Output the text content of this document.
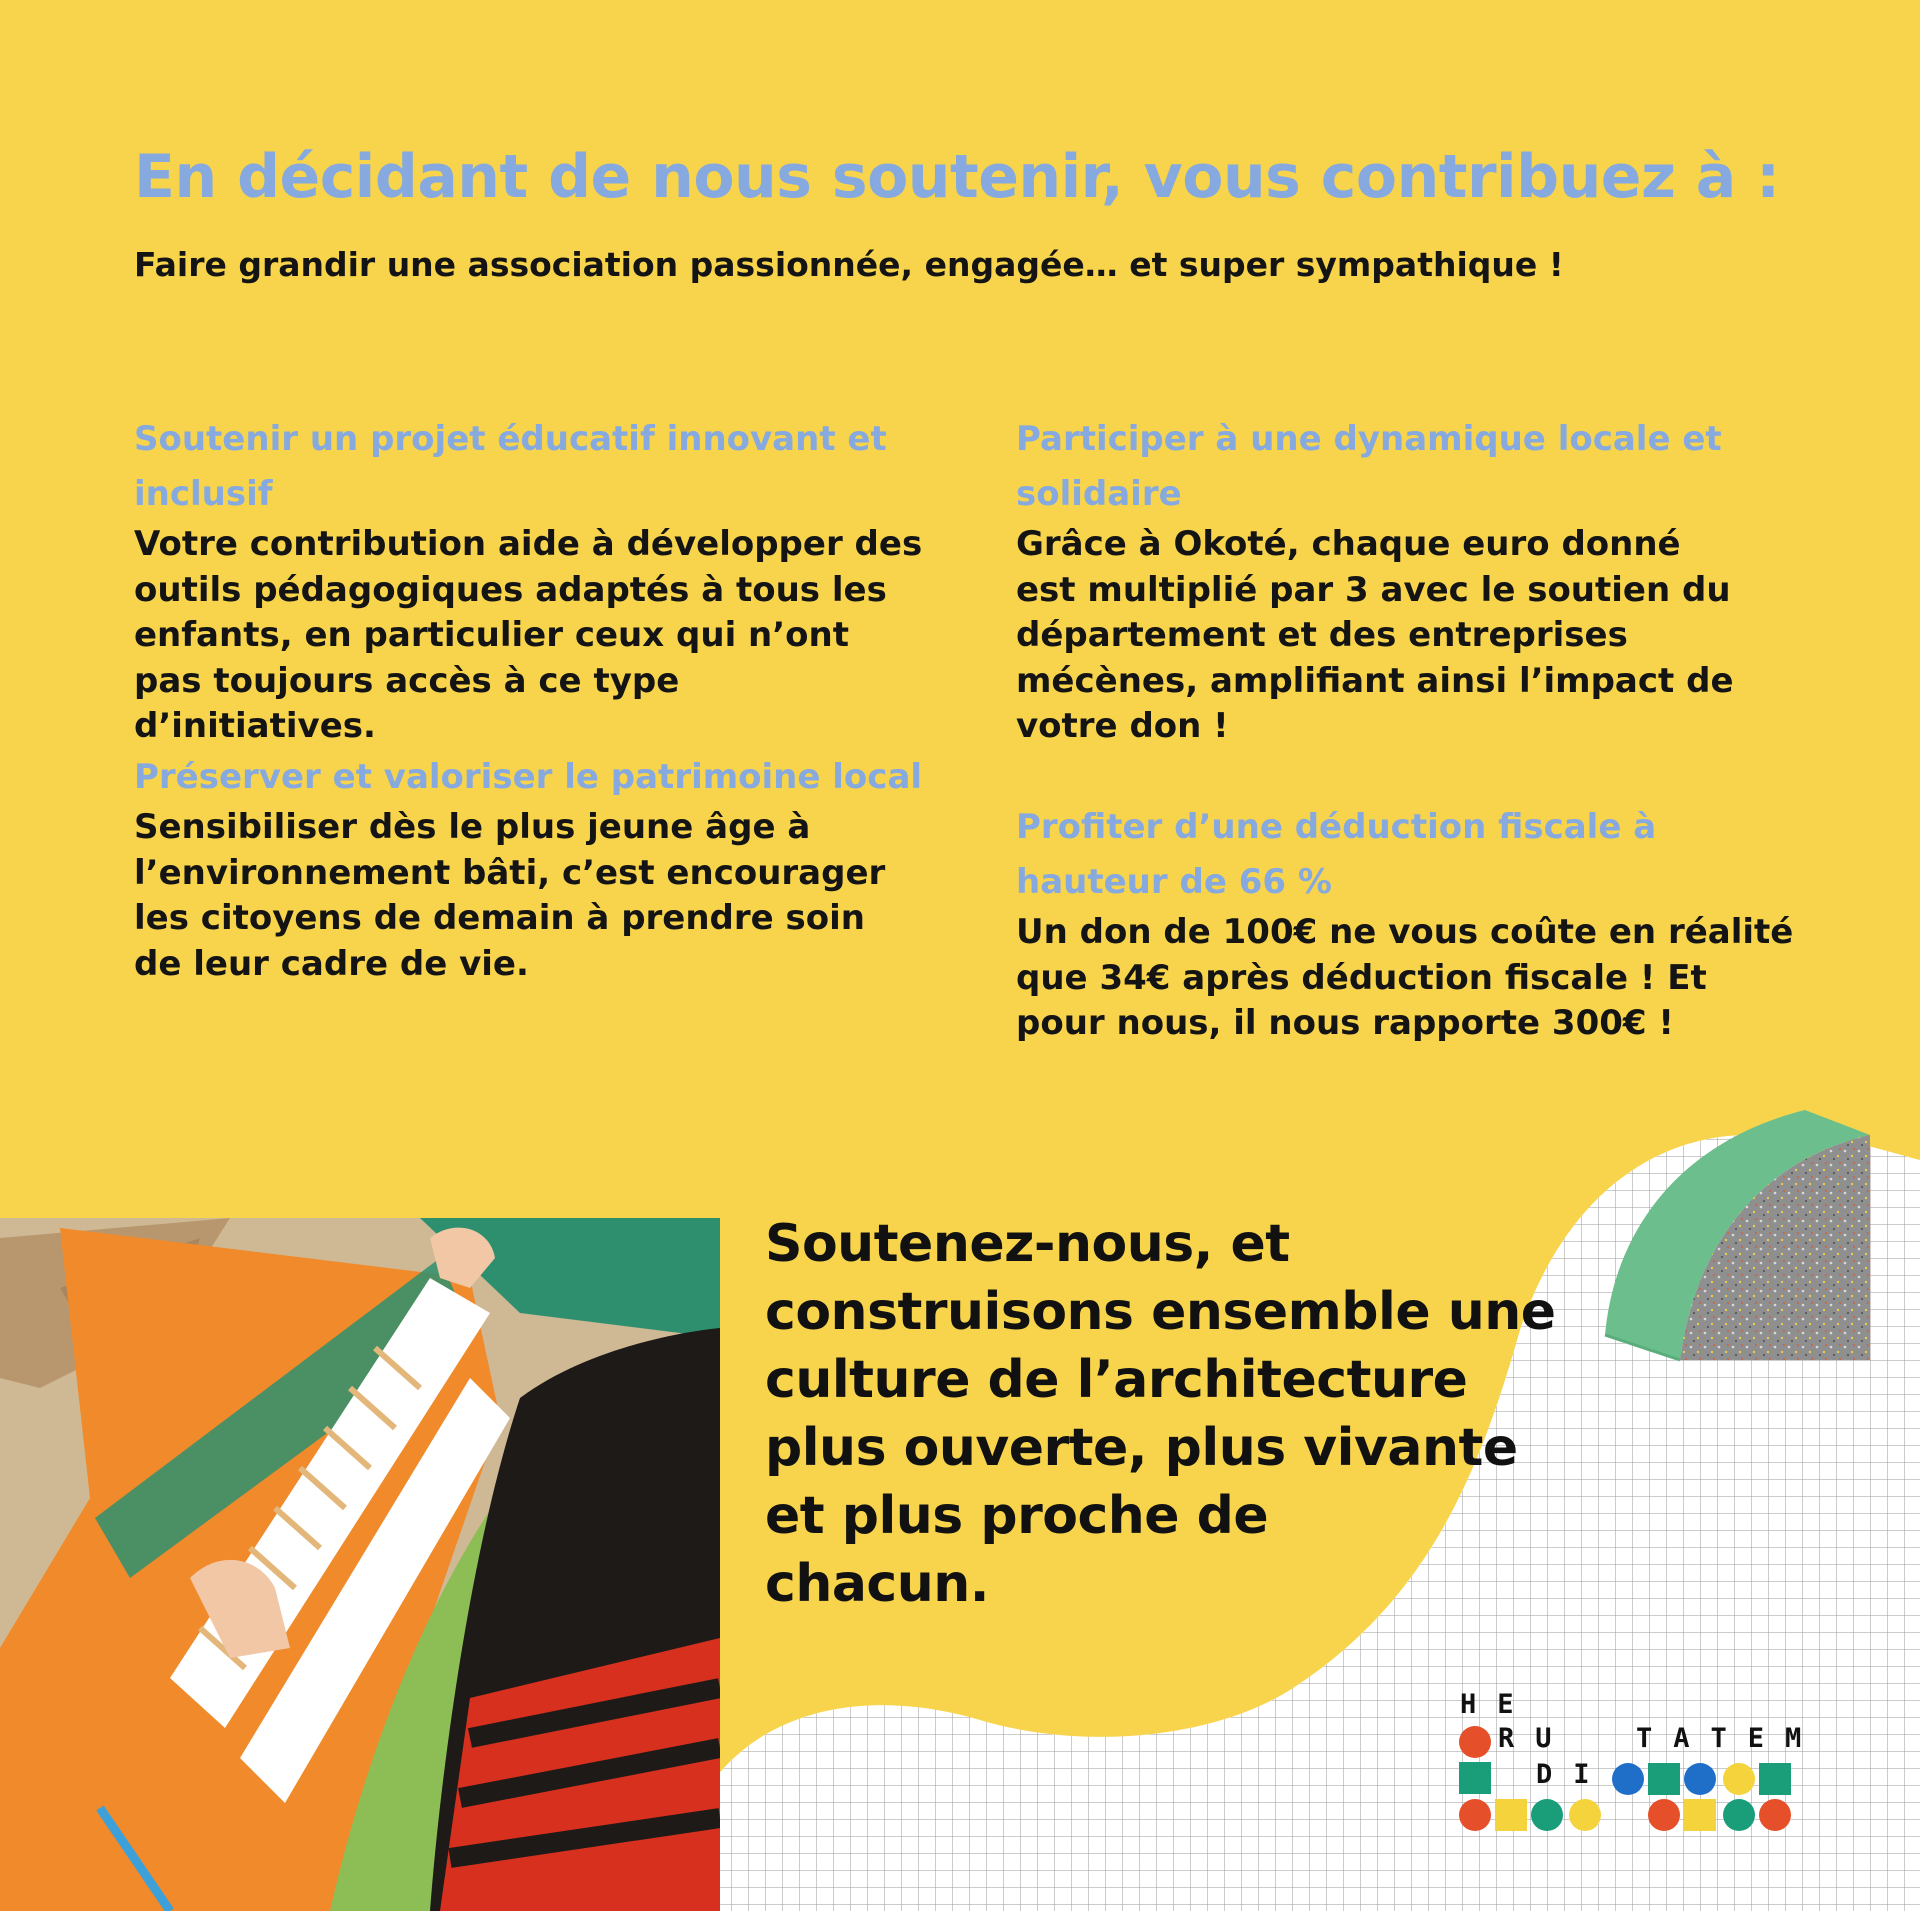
En décidant de nous soutenir, vous contribuez à :

Faire grandir une association passionnée, engagée… et super sympathique !

Soutenir un projet éducatif innovant et inclusif

Votre contribution aide à développer des outils pédagogiques adaptés à tous les enfants, en particulier ceux qui n’ont pas toujours accès à ce type d’initiatives.

Préserver et valoriser le patrimoine local

Sensibiliser dès le plus jeune âge à l’environnement bâti, c’est encourager les citoyens de demain à prendre soin de leur cadre de vie.

Participer à une dynamique locale et solidaire

Grâce à Okoté, chaque euro donné est multiplié par 3 avec le soutien du département et des entreprises mécènes, amplifiant ainsi l’impact de votre don !

Profiter d’une déduction fiscale à hauteur de 66 %

Un don de 100€ ne vous coûte en réalité que 34€ après déduction fiscale ! Et pour nous, il nous rapporte 300€ !

Soutenez-nous, et
construisons ensemble une
culture de l’architecture
plus ouverte, plus vivante
et plus proche de
chacun.
HE
RU TATEM
DI
